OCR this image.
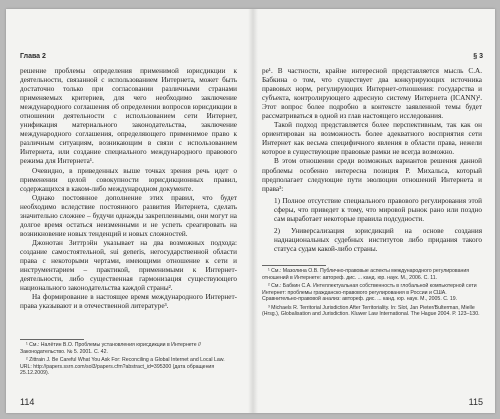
Глава 2

решение проблемы определения применимой юрисдикции к деятельности, связанной с использованием Интернета, может быть достаточно только при согласовании различными странами применяемых критериев, для чего необходимо заключение международного соглашения об определении вопросов юрисдикции в отношении деятельности с использованием сети Интернет, унификация материального законодательства, заключение международного соглашения, определяющего применимое право к различным ситуациям, возникающим в связи с использованием Интернета, или создание специального международного правового режима для Интернета¹.

Очевидно, в приведенных выше точках зрения речь идет о применении целой совокупности юрисдикционных правил, содержащихся в каком-либо международном документе.

Однако постоянное дополнение этих правил, что будет необходимо вследствие постоянного развития Интернета, сделать значительно сложнее – будучи однажды закрепленными, они могут на долгое время остаться неизменными и не успеть среагировать на возникновение новых тенденций и новых сложностей.

Джонотан Зиттрэйн указывает на два возможных подхода: создание самостоятельной, sui generis, негосударственной области права с некоторыми чертами, имеющими отношение к сети и инструментарием – практикой, применимыми к Интернет-деятельности, либо существенная гармонизация существующего национального законодательства каждой страны².

На формирование в настоящее время международного Интернет-права указывают и в отечественной литературе³.

¹ См.: Налётин В.О. Проблемы установления юрисдикции в Интернете // Законодательство. № 5. 2001. С. 42.

² Zittrain J. Be Careful What You Ask For: Reconciling a Global Internet and Local Law. URL: http://papers.ssrn.com/sol3/papers.cfm?abstract_id=395300 (дата обращения 25.12.2009).

114
§ 3

ре¹. В частности, крайне интересной представляется мысль С.А. Бабкина о том, что существует два конкурирующих источника правовых норм, регулирующих Интернет-отношения: государства и субъекта, контролирующего адресную систему Интернета (ICANN)². Этот вопрос более подробно в контексте заявленной темы будет рассматриваться в одной из глав настоящего исследования.

Такой подход представляется более перспективным, так как он ориентирован на возможность более адекватного восприятия сети Интернет как весьма специфичного явления в области права, нежели которое в существующие правовые рамки не всегда возможно.

В этом отношении среди возможных вариантов решения данной проблемы особенно интересна позиция Р. Михальса, который предполагает следующие пути эволюции отношений Интернета и права³:

1) Полное отсутствие специального правового регулирования этой сферы, что приведет к тому, что мировой рынок рано или поздно сам выработает некоторые правила подсудности.
2) Универсализация юрисдикций на основе создания наднациональных судебных институтов либо придания такого статуса судам какой-либо страны.

¹ См.: Мазолина О.В. Публично-правовые аспекты международного регулирования отношений в Интернете: автореф. дис. ... канд. юр. наук. М., 2006. С. 11.

² См.: Бабкин С.А. Интеллектуальная собственность в глобальной компьютерной сети Интернет: проблемы гражданско-правового регулирования в России и США. Сравнительно-правовой анализ: автореф. дис. ... канд. юр. наук. М., 2005. С. 19.

³ Michaels R. Territorial Jurisdiction After Territoriality. In: Slot, Jan Pieter/Bulterman, Mielle (Hrsg.), Globalisation and Jurisdiction. Kluwer Law International. The Hague 2004. P. 123–130.

115
